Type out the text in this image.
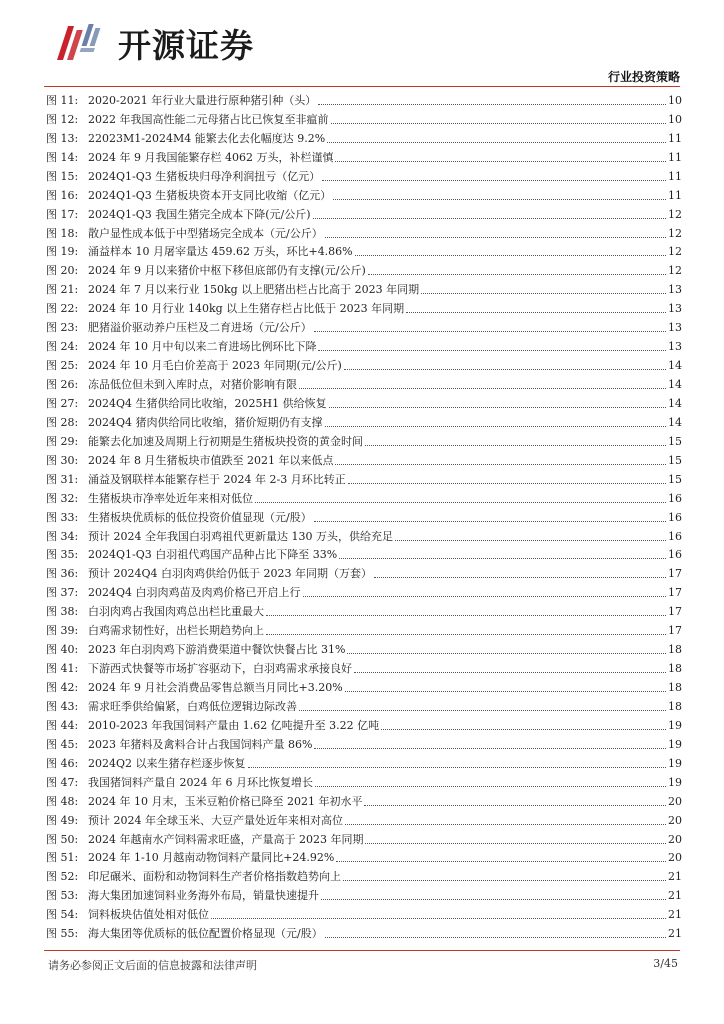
开源证券
行业投资策略
图 11: 2020-2021 年行业大量进行原种猪引种（头）	10
图 12: 2022 年我国高性能二元母猪占比已恢复至非瘟前	10
图 13: 22023M1-2024M4 能繁去化去化幅度达 9.2%	11
图 14: 2024 年 9 月我国能繁存栏 4062 万头，补栏谨慎	11
图 15: 2024Q1-Q3 生猪板块归母净利润扭亏（亿元）	11
图 16: 2024Q1-Q3 生猪板块资本开支同比收缩（亿元）	11
图 17: 2024Q1-Q3 我国生猪完全成本下降(元/公斤)	12
图 18: 散户显性成本低于中型猪场完全成本（元/公斤）	12
图 19: 涌益样本 10 月屠宰量达 459.62 万头，环比+4.86%	12
图 20: 2024 年 9 月以来猪价中枢下移但底部仍有支撑(元/公斤)	12
图 21: 2024 年 7 月以来行业 150kg 以上肥猪出栏占比高于 2023 年同期	13
图 22: 2024 年 10 月行业 140kg 以上生猪存栏占比低于 2023 年同期	13
图 23: 肥猪溢价驱动养户压栏及二育进场（元/公斤）	13
图 24: 2024 年 10 月中旬以来二育进场比例环比下降	13
图 25: 2024 年 10 月毛白价差高于 2023 年同期(元/公斤)	14
图 26: 冻品低位但未到入库时点，对猪价影响有限	14
图 27: 2024Q4 生猪供给同比收缩，2025H1 供给恢复	14
图 28: 2024Q4 猪肉供给同比收缩，猪价短期仍有支撑	14
图 29: 能繁去化加速及周期上行初期是生猪板块投资的黄金时间	15
图 30: 2024 年 8 月生猪板块市值跌至 2021 年以来低点	15
图 31: 涌益及钢联样本能繁存栏于 2024 年 2-3 月环比转正	15
图 32: 生猪板块市净率处近年来相对低位	16
图 33: 生猪板块优质标的低位投资价值显现（元/股）	16
图 34: 预计 2024 全年我国白羽鸡祖代更新量达 130 万头，供给充足	16
图 35: 2024Q1-Q3 白羽祖代鸡国产品种占比下降至 33%	16
图 36: 预计 2024Q4 白羽肉鸡供给仍低于 2023 年同期（万套）	17
图 37: 2024Q4 白羽肉鸡苗及肉鸡价格已开启上行	17
图 38: 白羽肉鸡占我国肉鸡总出栏比重最大	17
图 39: 白鸡需求韧性好，出栏长期趋势向上	17
图 40: 2023 年白羽肉鸡下游消费渠道中餐饮快餐占比 31%	18
图 41: 下游西式快餐等市场扩容驱动下，白羽鸡需求承接良好	18
图 42: 2024 年 9 月社会消费品零售总额当月同比+3.20%	18
图 43: 需求旺季供给偏紧，白鸡低位逻辑边际改善	18
图 44: 2010-2023 年我国饲料产量由 1.62 亿吨提升至 3.22 亿吨	19
图 45: 2023 年猪料及禽料合计占我国饲料产量 86%	19
图 46: 2024Q2 以来生猪存栏逐步恢复	19
图 47: 我国猪饲料产量自 2024 年 6 月环比恢复增长	19
图 48: 2024 年 10 月末，玉米豆粕价格已降至 2021 年初水平	20
图 49: 预计 2024 年全球玉米、大豆产量处近年来相对高位	20
图 50: 2024 年越南水产饲料需求旺盛，产量高于 2023 年同期	20
图 51: 2024 年 1-10 月越南动物饲料产量同比+24.92%	20
图 52: 印尼碾米、面粉和动物饲料生产者价格指数趋势向上	21
图 53: 海大集团加速饲料业务海外布局，销量快速提升	21
图 54: 饲料板块估值处相对低位	21
图 55: 海大集团等优质标的低位配置价格显现（元/股）	21
请务必参阅正文后面的信息披露和法律声明	3/45
